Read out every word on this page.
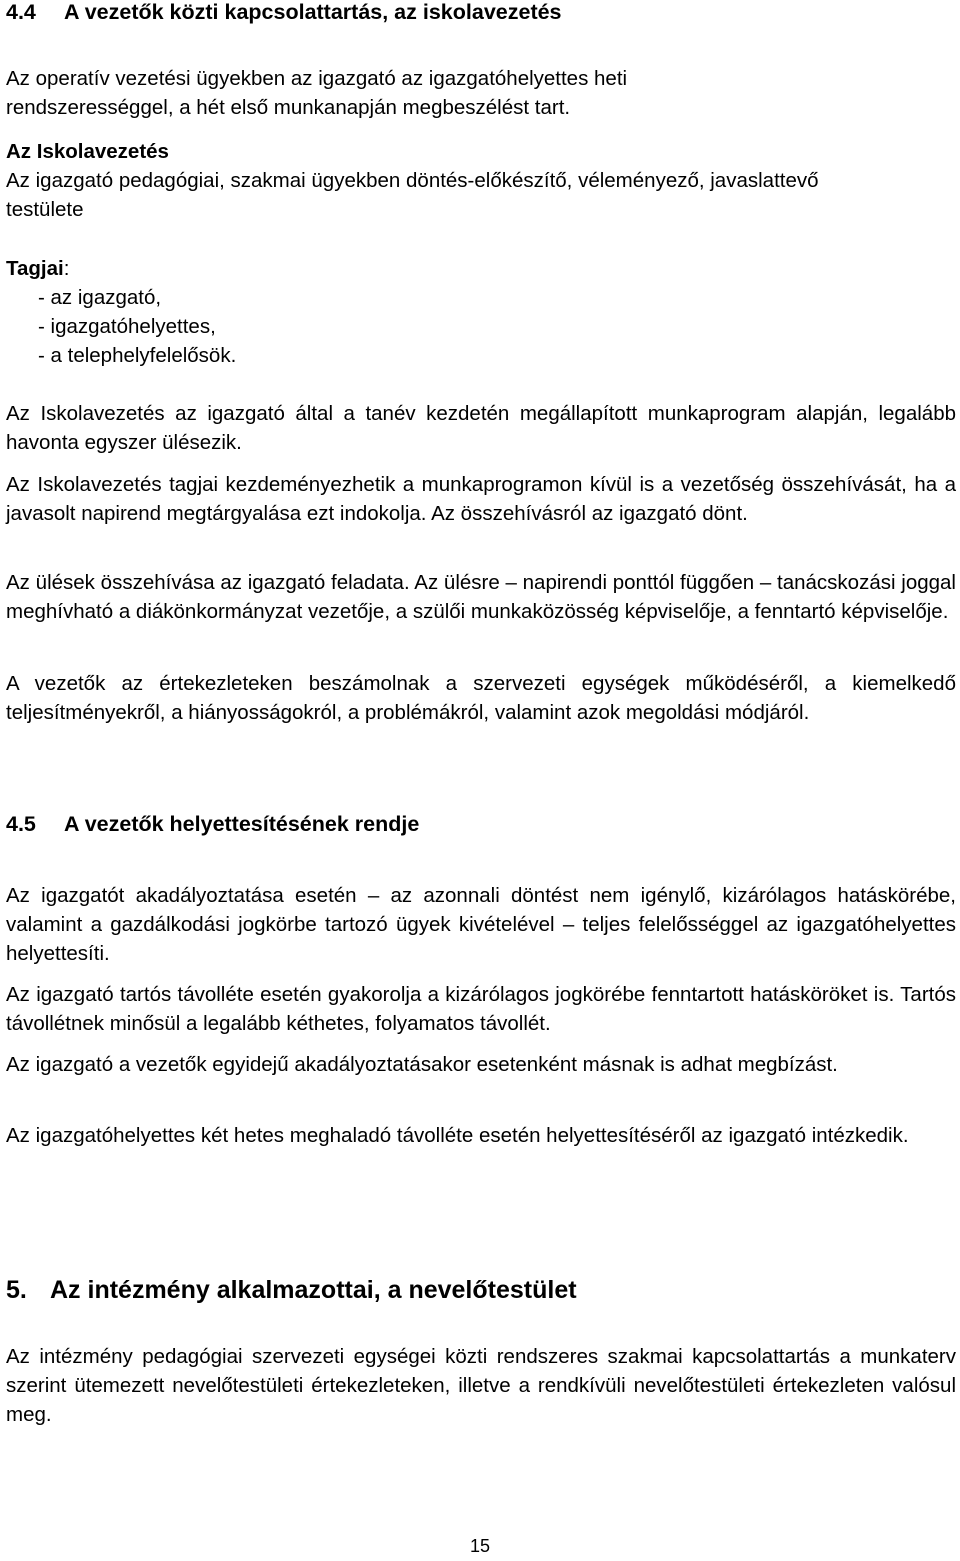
4.4 A vezetők közti kapcsolattartás, az iskolavezetés

Az operatív vezetési ügyekben az igazgató az igazgatóhelyettes heti rendszerességgel, a hét első munkanapján megbeszélést tart.

Az Iskolavezetés

Az igazgató pedagógiai, szakmai ügyekben döntés-előkészítő, véleményező, javaslattevő testülete

Tagjai:

- az igazgató,
- igazgatóhelyettes,
- a telephelyfelelősök.

Az Iskolavezetés az igazgató által a tanév kezdetén megállapított munkaprogram alapján, legalább havonta egyszer ülésezik.

Az Iskolavezetés tagjai kezdeményezhetik a munkaprogramon kívül is a vezetőség összehívását, ha a javasolt napirend megtárgyalása ezt indokolja. Az összehívásról az igazgató dönt.

Az ülések összehívása az igazgató feladata. Az ülésre – napirendi ponttól függően – tanácskozási joggal meghívható a diákönkormányzat vezetője, a szülői munkaközösség képviselője, a fenntartó képviselője.

A vezetők az értekezleteken beszámolnak a szervezeti egységek működéséről, a kiemelkedő teljesítményekről, a hiányosságokról, a problémákról, valamint azok megoldási módjáról.

4.5 A vezetők helyettesítésének rendje

Az igazgatót akadályoztatása esetén – az azonnali döntést nem igénylő, kizárólagos hatáskörébe, valamint a gazdálkodási jogkörbe tartozó ügyek kivételével – teljes felelősséggel az igazgatóhelyettes helyettesíti.

Az igazgató tartós távolléte esetén gyakorolja a kizárólagos jogkörébe fenntartott hatásköröket is. Tartós távollétnek minősül a legalább kéthetes, folyamatos távollét.

Az igazgató a vezetők egyidejű akadályoztatásakor esetenként másnak is adhat megbízást.

Az igazgatóhelyettes két hetes meghaladó távolléte esetén helyettesítéséről az igazgató intézkedik.

5. Az intézmény alkalmazottai, a nevelőtestület

Az intézmény pedagógiai szervezeti egységei közti rendszeres szakmai kapcsolattartás a munkaterv szerint ütemezett nevelőtestületi értekezleteken, illetve a rendkívüli nevelőtestületi értekezleten valósul meg.

15
